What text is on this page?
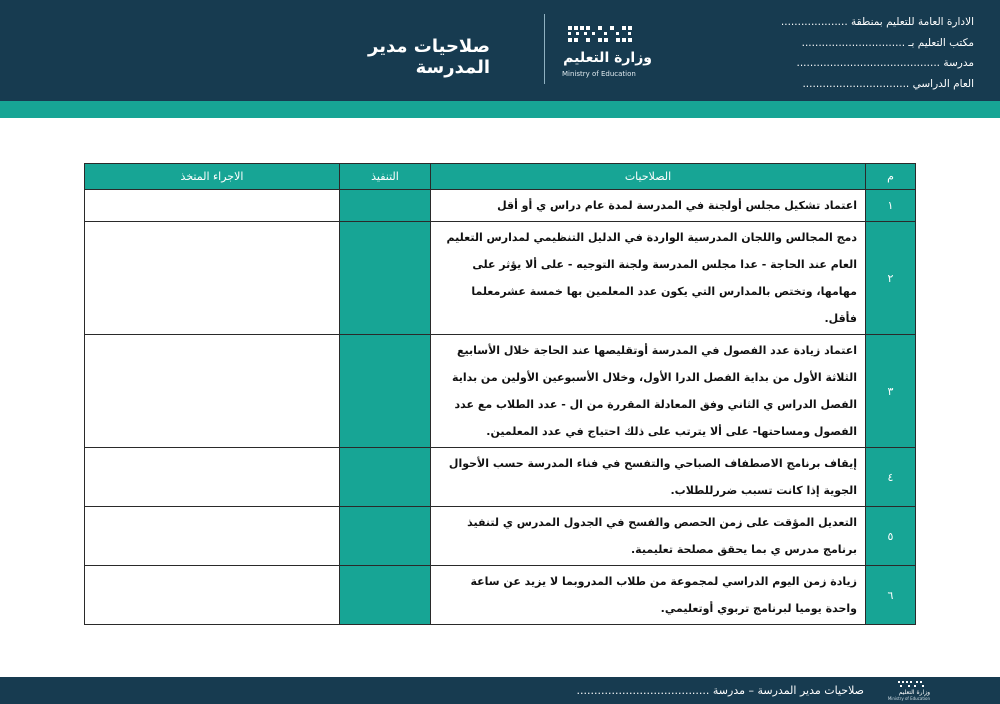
الادارة العامة للتعليم بمنطقة ....................
مكتب التعليم بـ ...............................
مدرسة ...........................................
العام الدراسي ................................
وزارة التعليم
Ministry of Education
صلاحيات مدير المدرسة
م	الصلاحيات	التنفيذ	الاجراء المتخذ
١	اعتماد تشكيل مجلس أولجنة في المدرسة لمدة عام دراس ي أو أقل		
٢	دمج المجالس واللجان المدرسية الواردة في الدليل التنظيمي لمدارس التعليم العام عند الحاجة - عدا مجلس المدرسة ولجنة التوجيه - على ألا يؤثر على مهامها، وتختص بالمدارس التي يكون عدد المعلمين بها خمسة عشرمعلما فأقل.		
٣	اعتماد زيادة عدد الفصول في المدرسة أوتقليصها عند الحاجة خلال الأسابيع الثلاثة الأول من بداية الفصل الدرا الأول، وخلال الأسبوعين الأولين من بداية الفصل الدراس ي الثاني وفق المعادلة المقررة من ال - عدد الطلاب مع عدد الفصول ومساحتها- على ألا يترتب على ذلك احتياج في عدد المعلمين.		
٤	إيقاف برنامج الاصطفاف الصباحي والتفسح في فناء المدرسة حسب الأحوال الجوية إذا كانت تسبب ضررللطلاب.		
٥	التعديل المؤقت على زمن الحصص والفسح في الجدول المدرس ي لتنفيذ برنامج مدرس ي بما يحقق مصلحة تعليمية.		
٦	زيادة زمن اليوم الدراسي لمجموعة من طلاب المدروبما لا يزيد عن ساعة واحدة يوميا لبرنامج تربوي أوتعليمي.		
صلاحيات مدير المدرسة – مدرسة ......................................	وزارة التعليم
Ministry of Education
